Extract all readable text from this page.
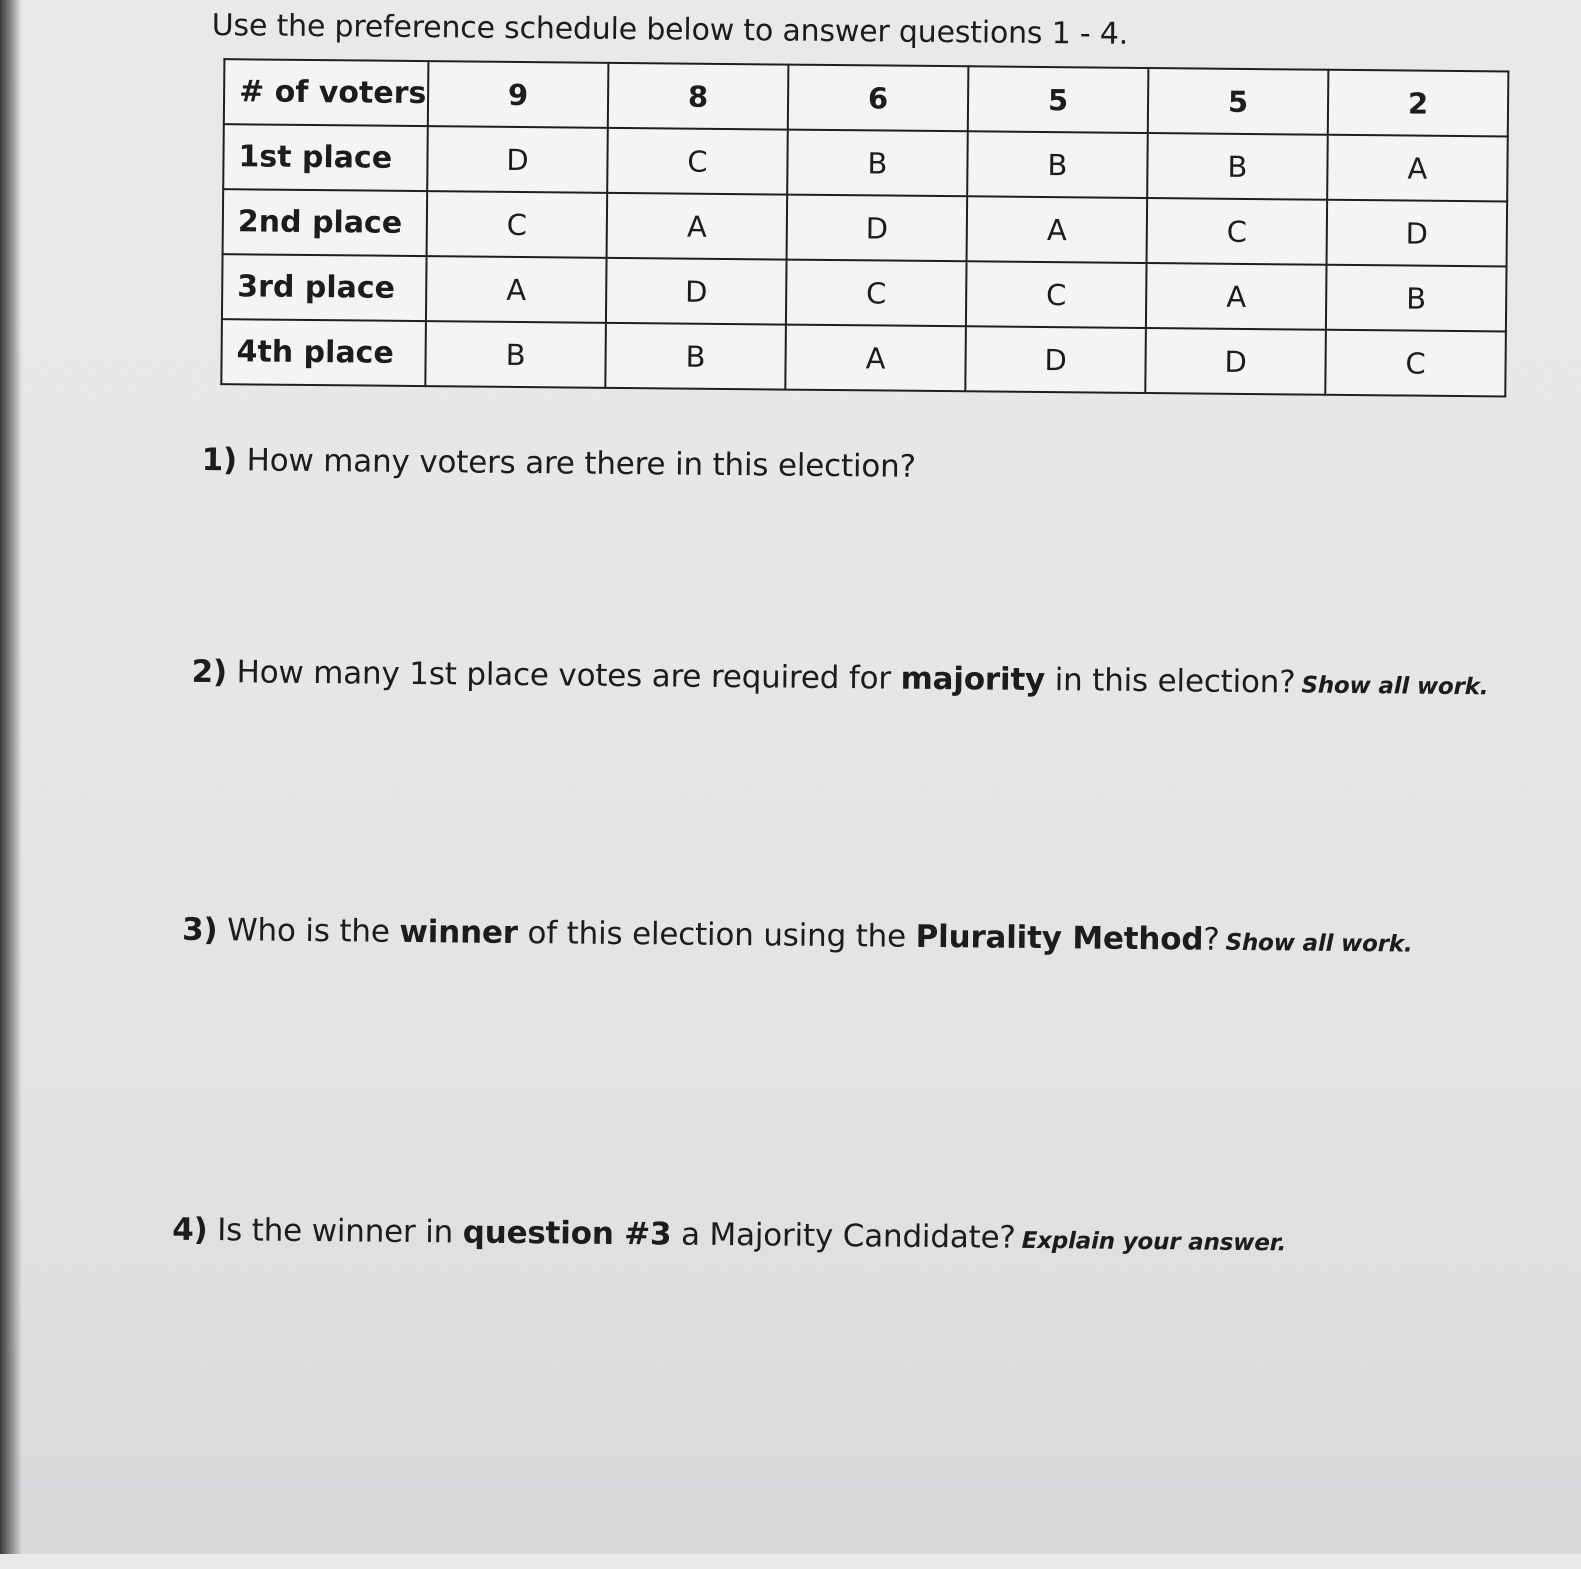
Use the preference schedule below to answer questions 1 - 4.
# of voters	9	8	6	5	5	2
1st place	D	C	B	B	B	A
2nd place	C	A	D	A	C	D
3rd place	A	D	C	C	A	B
4th place	B	B	A	D	D	C
1) How many voters are there in this election?
2) How many 1st place votes are required for majority in this election? Show all work.
3) Who is the winner of this election using the Plurality Method? Show all work.
4) Is the winner in question #3 a Majority Candidate? Explain your answer.
